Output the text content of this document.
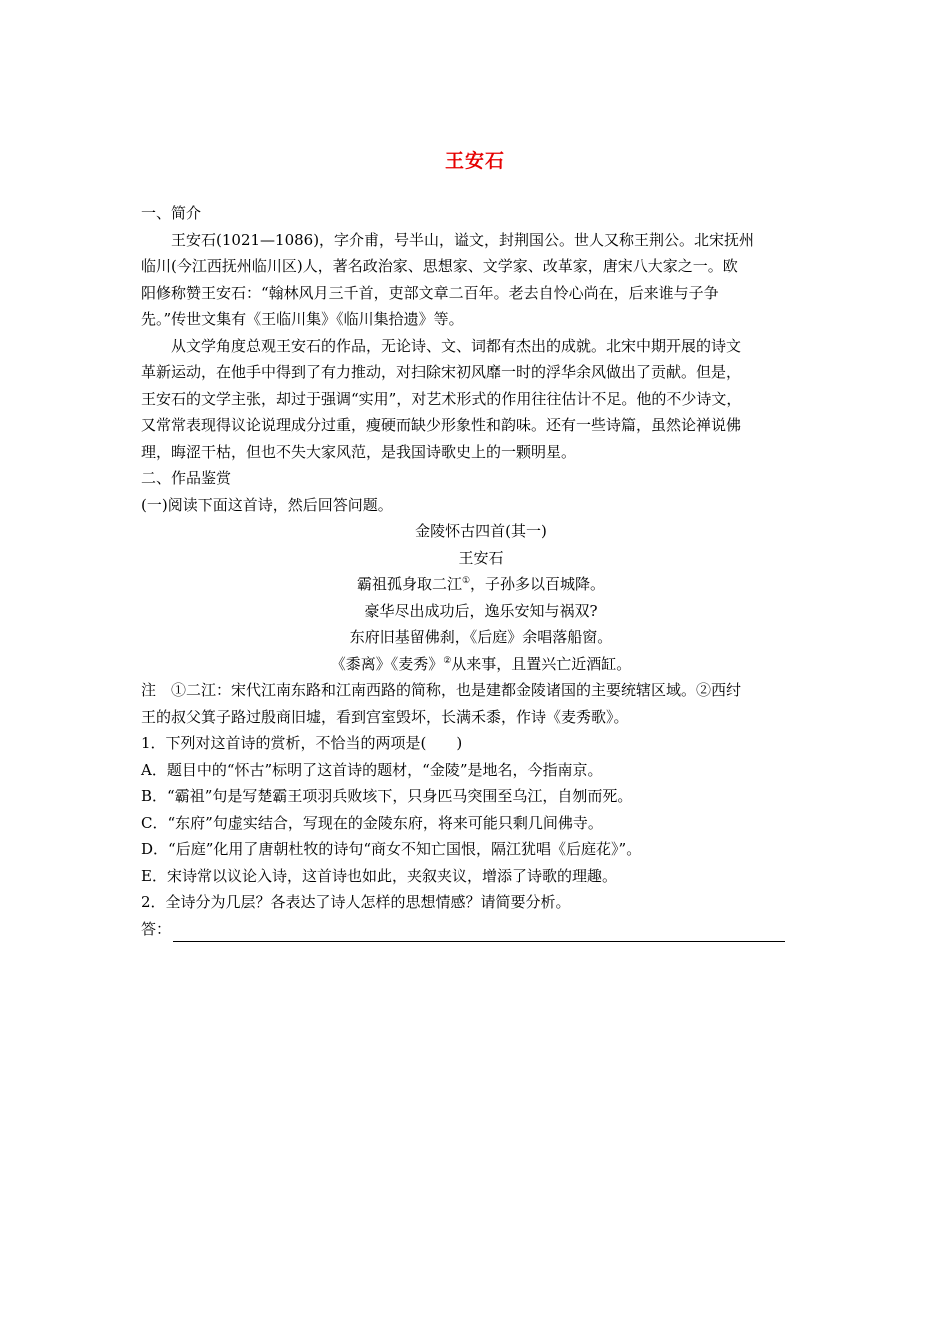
王安石
一、简介
王安石(1021—1086)，字介甫，号半山，谥文，封荆国公。世人又称王荆公。北宋抚州
临川(今江西抚州临川区)人，著名政治家、思想家、文学家、改革家，唐宋八大家之一。欧
阳修称赞王安石：“翰林风月三千首，吏部文章二百年。老去自怜心尚在，后来谁与子争
先。”传世文集有《王临川集》《临川集拾遗》等。
从文学角度总观王安石的作品，无论诗、文、词都有杰出的成就。北宋中期开展的诗文
革新运动，在他手中得到了有力推动，对扫除宋初风靡一时的浮华余风做出了贡献。但是，
王安石的文学主张，却过于强调“实用”，对艺术形式的作用往往估计不足。他的不少诗文，
又常常表现得议论说理成分过重，瘦硬而缺少形象性和韵味。还有一些诗篇，虽然论禅说佛
理，晦涩干枯，但也不失大家风范，是我国诗歌史上的一颗明星。
二、作品鉴赏
(一)阅读下面这首诗，然后回答问题。
金陵怀古四首(其一)
王安石
霸祖孤身取二江①，子孙多以百城降。
豪华尽出成功后，逸乐安知与祸双?
东府旧基留佛刹，《后庭》余唱落船窗。
《黍离》《麦秀》②从来事，且置兴亡近酒缸。
注　①二江：宋代江南东路和江南西路的简称，也是建都金陵诸国的主要统辖区域。②西纣
王的叔父箕子路过殷商旧墟，看到宫室毁坏，长满禾黍，作诗《麦秀歌》。
1．下列对这首诗的赏析，不恰当的两项是(　　)
A．题目中的“怀古”标明了这首诗的题材，“金陵”是地名，今指南京。
B．“霸祖”句是写楚霸王项羽兵败垓下，只身匹马突围至乌江，自刎而死。
C．“东府”句虚实结合，写现在的金陵东府，将来可能只剩几间佛寺。
D．“后庭”化用了唐朝杜牧的诗句“商女不知亡国恨，隔江犹唱《后庭花》”。
E．宋诗常以议论入诗，这首诗也如此，夹叙夹议，增添了诗歌的理趣。
2．全诗分为几层？各表达了诗人怎样的思想情感？请简要分析。
答：
